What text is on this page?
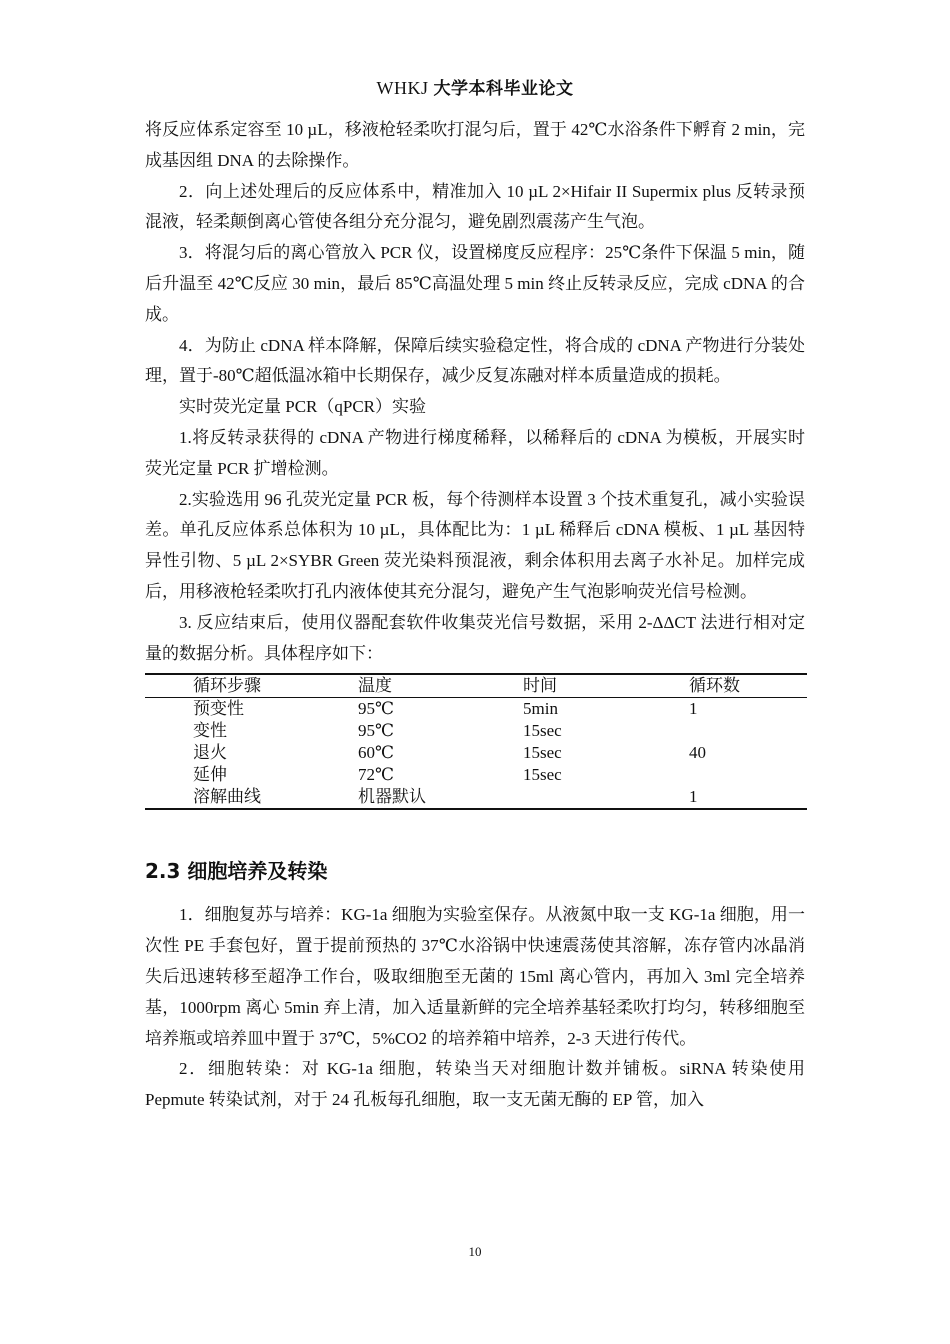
WHKJ 大学本科毕业论文

将反应体系定容至 10 µL，移液枪轻柔吹打混匀后，置于 42℃水浴条件下孵育 2 min，完成基因组 DNA 的去除操作。

2．向上述处理后的反应体系中，精准加入 10 µL 2×Hifair II Supermix plus 反转录预混液，轻柔颠倒离心管使各组分充分混匀，避免剧烈震荡产生气泡。

3．将混匀后的离心管放入 PCR 仪，设置梯度反应程序：25℃条件下保温 5 min，随后升温至 42℃反应 30 min，最后 85℃高温处理 5 min 终止反转录反应，完成 cDNA 的合成。

4．为防止 cDNA 样本降解，保障后续实验稳定性，将合成的 cDNA 产物进行分装处理，置于-80℃超低温冰箱中长期保存，减少反复冻融对样本质量造成的损耗。

实时荧光定量 PCR（qPCR）实验

1.将反转录获得的 cDNA 产物进行梯度稀释，以稀释后的 cDNA 为模板，开展实时荧光定量 PCR 扩增检测。

2.实验选用 96 孔荧光定量 PCR 板，每个待测样本设置 3 个技术重复孔，减小实验误差。单孔反应体系总体积为 10 µL，具体配比为：1 µL 稀释后 cDNA 模板、1 µL 基因特异性引物、5 µL 2×SYBR Green 荧光染料预混液，剩余体积用去离子水补足。加样完成后，用移液枪轻柔吹打孔内液体使其充分混匀，避免产生气泡影响荧光信号检测。

3. 反应结束后，使用仪器配套软件收集荧光信号数据，采用 2-ΔΔCT 法进行相对定量的数据分析。具体程序如下：

	循环步骤	温度	时间	循环数
	预变性	95℃	5min	1
	变性	95℃	15sec	
	退火	60℃	15sec	40
	延伸	72℃	15sec	
	溶解曲线	机器默认		1
2.3 细胞培养及转染

1．细胞复苏与培养：KG-1a 细胞为实验室保存。从液氮中取一支 KG-1a 细胞，用一次性 PE 手套包好，置于提前预热的 37℃水浴锅中快速震荡使其溶解，冻存管内冰晶消失后迅速转移至超净工作台，吸取细胞至无菌的 15ml 离心管内，再加入 3ml 完全培养基，1000rpm 离心 5min 弃上清，加入适量新鲜的完全培养基轻柔吹打均匀，转移细胞至培养瓶或培养皿中置于 37℃，5%CO2 的培养箱中培养，2-3 天进行传代。

2．细胞转染：对 KG-1a 细胞，转染当天对细胞计数并铺板。siRNA 转染使用 Pepmute 转染试剂，对于 24 孔板每孔细胞，取一支无菌无酶的 EP 管，加入

10
